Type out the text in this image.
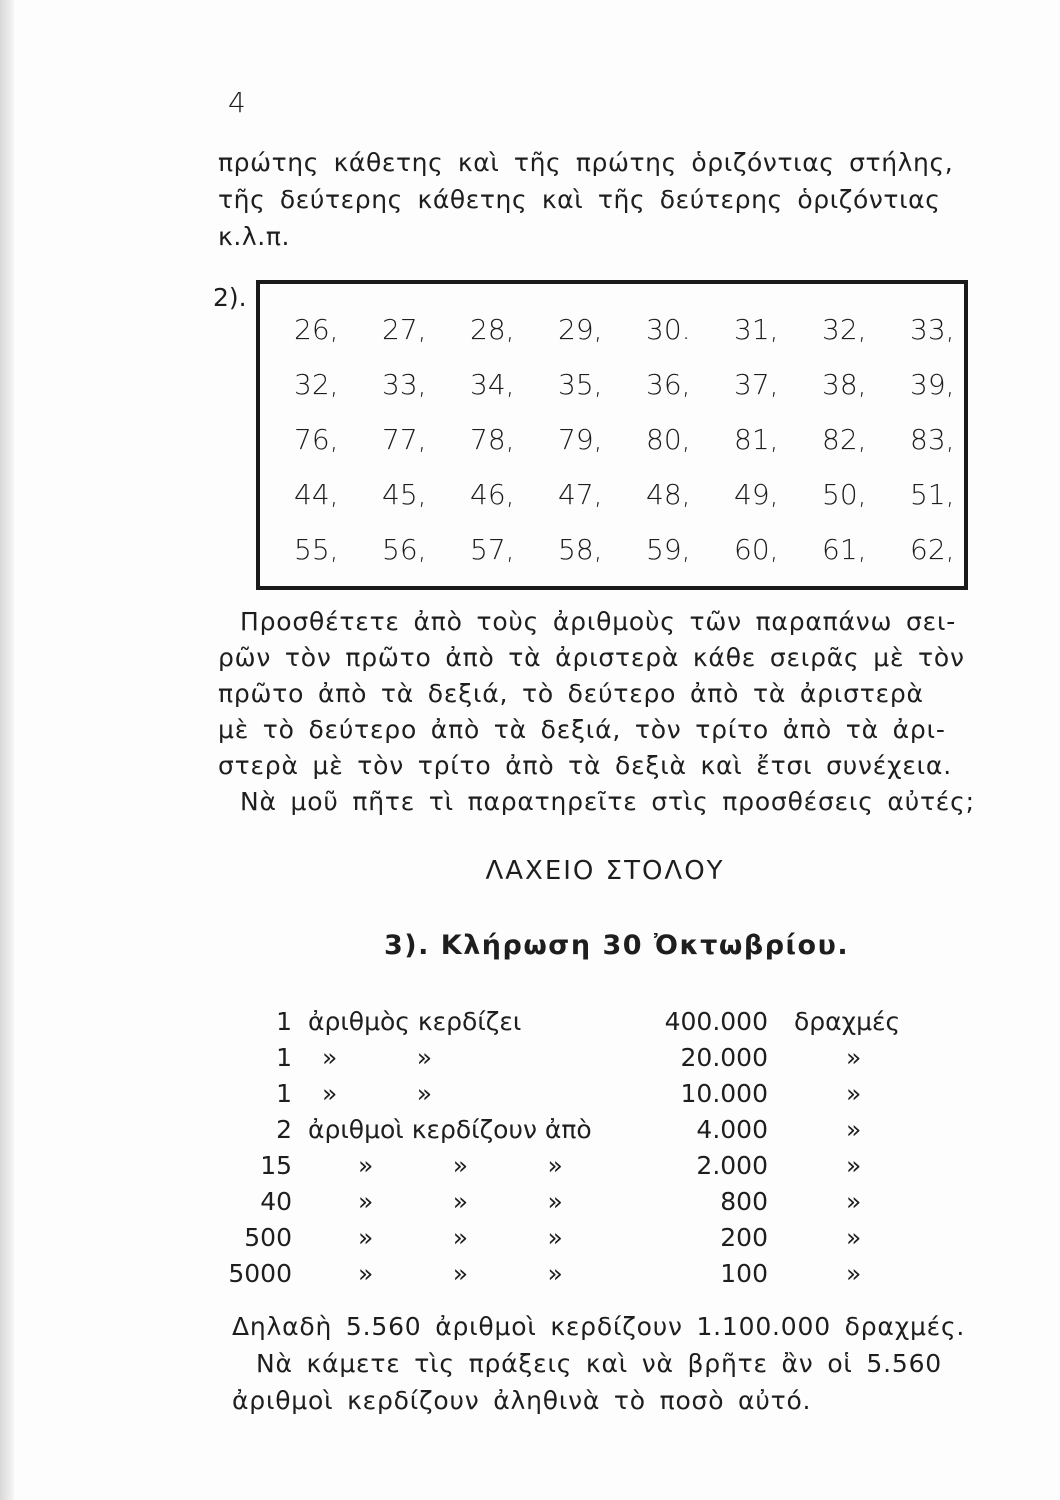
4
πρώτης κάθετης καὶ τῆς πρώτης ὁριζόντιας στήλης,
τῆς δεύτερης κάθετης καὶ τῆς δεύτερης ὁριζόντιας
κ.λ.π.
2).
26,	27,	28,	29,	30.	31,	32,	33,
32,	33,	34,	35,	36,	37,	38,	39,
76,	77,	78,	79,	80,	81,	82,	83,
44,	45,	46,	47,	48,	49,	50,	51,
55,	56,	57,	58,	59,	60,	61,	62,
Προσθέτετε ἀπὸ τοὺς ἀριθμοὺς τῶν παραπάνω σει-
ρῶν τὸν πρῶτο ἀπὸ τὰ ἀριστερὰ κάθε σειρᾶς μὲ τὸν
πρῶτο ἀπὸ τὰ δεξιά, τὸ δεύτερο ἀπὸ τὰ ἀριστερὰ
μὲ τὸ δεύτερο ἀπὸ τὰ δεξιά, τὸν τρίτο ἀπὸ τὰ ἀρι-
στερὰ μὲ τὸν τρίτο ἀπὸ τὰ δεξιὰ καὶ ἔτσι συνέχεια.
Νὰ μοῦ πῆτε τὶ παρατηρεῖτε στὶς προσθέσεις αὐτές;
ΛΑΧΕΙΟ ΣΤΟΛΟΥ
3). Κλήρωση 30 Ὀκτωβρίου.
1	ἀριθμὸς κερδίζει	400.000	δραχμές
1	»          »	20.000	»
1	»          »	10.000	»
2	ἀριθμοὶ κερδίζουν ἀπὸ	4.000	»
15	»          »          »	2.000	»
40	»          »          »	800	»
500	»          »          »	200	»
5000	»          »          »	100	»
Δηλαδὴ 5.560 ἀριθμοὶ κερδίζουν 1.100.000 δραχμές.
Νὰ κάμετε τὶς πράξεις καὶ νὰ βρῆτε ἂν οἱ 5.560
ἀριθμοὶ κερδίζουν ἀληθινὰ τὸ ποσὸ αὐτό.
